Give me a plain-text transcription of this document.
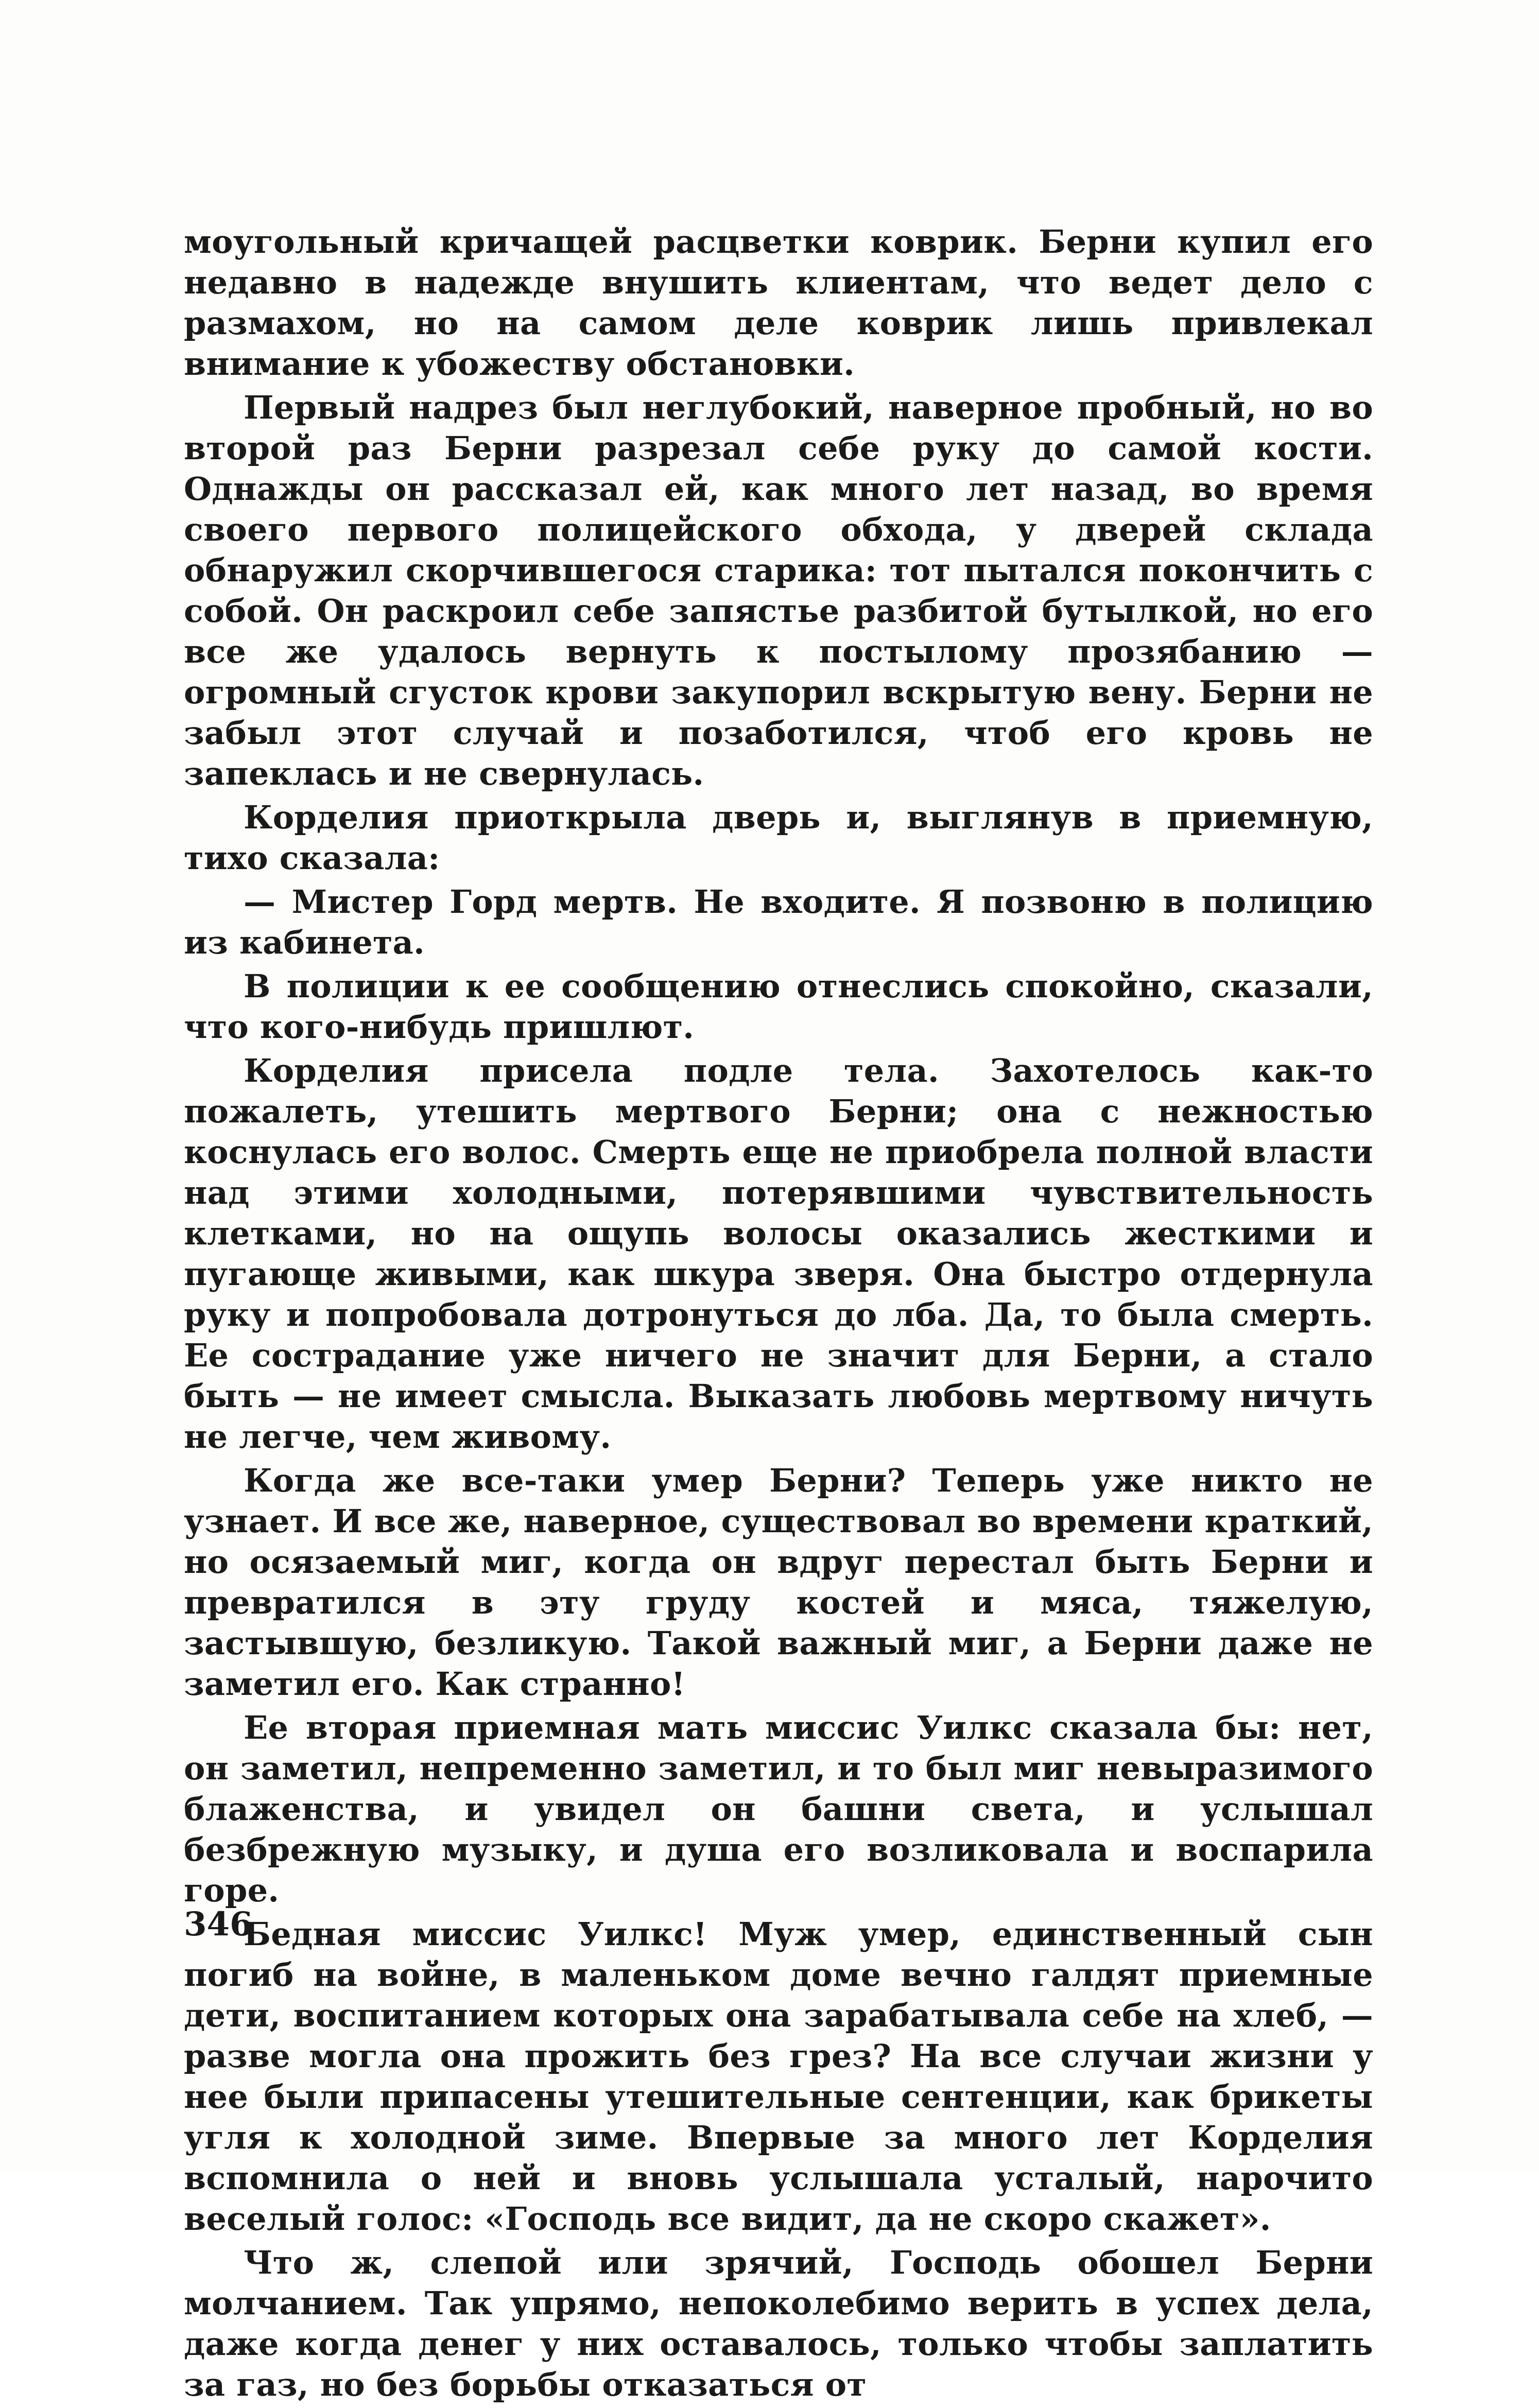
моугольный кричащей расцветки коврик. Берни купил его недавно в надежде внушить клиентам, что ведет дело с размахом, но на самом деле коврик лишь привлекал внимание к убожеству обстановки.

Первый надрез был неглубокий, наверное пробный, но во второй раз Берни разрезал себе руку до самой кости. Однажды он рассказал ей, как много лет назад, во время своего первого полицейского обхода, у дверей склада обнаружил скорчившегося старика: тот пытался покончить с собой. Он раскроил себе запястье разбитой бутылкой, но его все же удалось вернуть к постылому прозябанию — огромный сгусток крови закупорил вскрытую вену. Берни не забыл этот случай и позаботился, чтоб его кровь не запеклась и не свернулась.

Корделия приоткрыла дверь и, выглянув в приемную, тихо сказала:

— Мистер Горд мертв. Не входите. Я позвоню в полицию из кабинета.

В полиции к ее сообщению отнеслись спокойно, сказали, что кого-нибудь пришлют.

Корделия присела подле тела. Захотелось как-то пожалеть, утешить мертвого Берни; она с нежностью коснулась его волос. Смерть еще не приобрела полной власти над этими холодными, потерявшими чувствительность клетками, но на ощупь волосы оказались жесткими и пугающе живыми, как шкура зверя. Она быстро отдернула руку и попробовала дотронуться до лба. Да, то была смерть. Ее сострадание уже ничего не значит для Берни, а стало быть — не имеет смысла. Выказать любовь мертвому ничуть не легче, чем живому.

Когда же все-таки умер Берни? Теперь уже никто не узнает. И все же, наверное, существовал во времени краткий, но осязаемый миг, когда он вдруг перестал быть Берни и превратился в эту груду костей и мяса, тяжелую, застывшую, безликую. Такой важный миг, а Берни даже не заметил его. Как странно!

Ее вторая приемная мать миссис Уилкс сказала бы: нет, он заметил, непременно заметил, и то был миг невыразимого блаженства, и увидел он башни света, и услышал безбрежную музыку, и душа его возликовала и воспарила горе.

Бедная миссис Уилкс! Муж умер, единственный сын погиб на войне, в маленьком доме вечно галдят приемные дети, воспитанием которых она зарабатывала себе на хлеб, — разве могла она прожить без грез? На все случаи жизни у нее были припасены утешительные сентенции, как брикеты угля к холодной зиме. Впервые за много лет Корделия вспомнила о ней и вновь услышала усталый, нарочито веселый голос: «Господь все видит, да не скоро скажет».

Что ж, слепой или зрячий, Господь обошел Берни молчанием. Так упрямо, непоколебимо верить в успех дела, даже когда денег у них оставалось, только чтобы заплатить за газ, но без борьбы отказаться от

346
